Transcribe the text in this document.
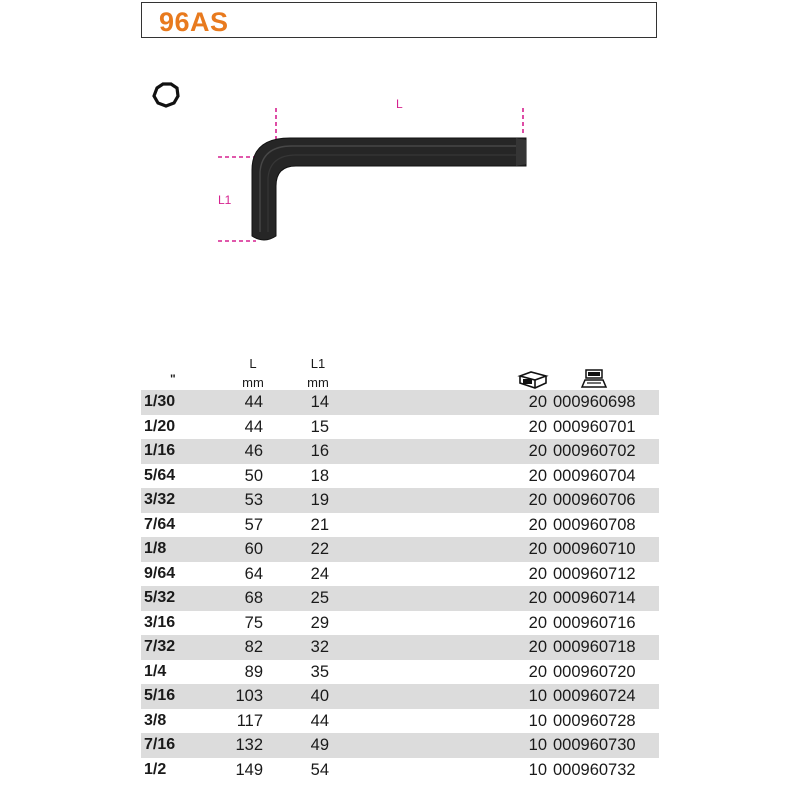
96AS
L
L1
"
L
mm
L1
mm
1/30	44	14	20 000960698
1/20	44	15	20 000960701
1/16	46	16	20 000960702
5/64	50	18	20 000960704
3/32	53	19	20 000960706
7/64	57	21	20 000960708
1/8	60	22	20 000960710
9/64	64	24	20 000960712
5/32	68	25	20 000960714
3/16	75	29	20 000960716
7/32	82	32	20 000960718
1/4	89	35	20 000960720
5/16	103	40	10 000960724
3/8	117	44	10 000960728
7/16	132	49	10 000960730
1/2	149	54	10 000960732
